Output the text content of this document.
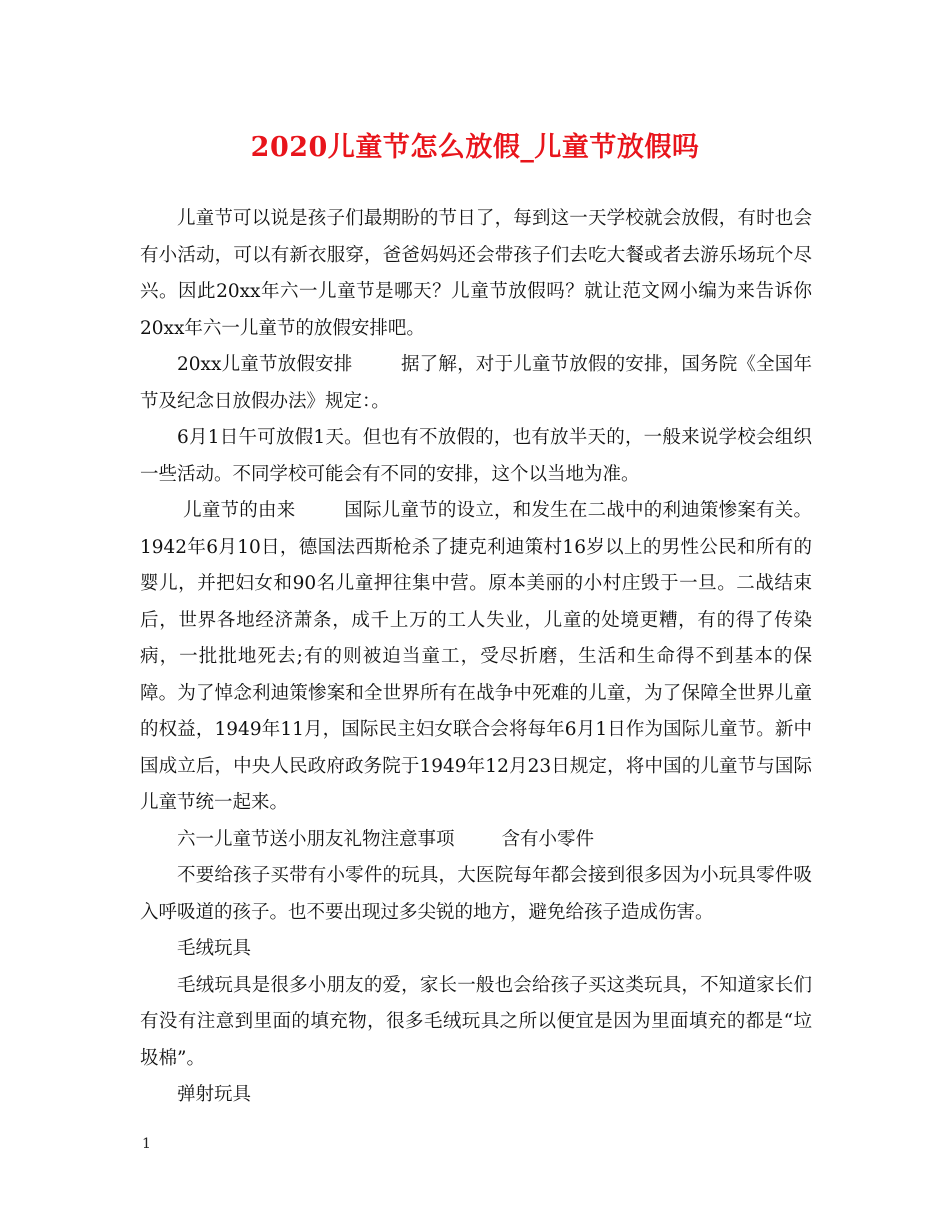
2020儿童节怎么放假_儿童节放假吗

儿童节可以说是孩子们最期盼的节日了，每到这一天学校就会放假，有时也会有小活动，可以有新衣服穿，爸爸妈妈还会带孩子们去吃大餐或者去游乐场玩个尽兴。因此20xx年六一儿童节是哪天？儿童节放假吗？就让范文网小编为来告诉你20xx年六一儿童节的放假安排吧。

20xx儿童节放假安排        据了解，对于儿童节放假的安排，国务院《全国年节及纪念日放假办法》规定：。

6月1日午可放假1天。但也有不放假的，也有放半天的，一般来说学校会组织一些活动。不同学校可能会有不同的安排，这个以当地为准。

儿童节的由来        国际儿童节的设立，和发生在二战中的利迪策惨案有关。1942年6月10日，德国法西斯枪杀了捷克利迪策村16岁以上的男性公民和所有的婴儿，并把妇女和90名儿童押往集中营。原本美丽的小村庄毁于一旦。二战结束后，世界各地经济萧条，成千上万的工人失业，儿童的处境更糟，有的得了传染病，一批批地死去;有的则被迫当童工，受尽折磨，生活和生命得不到基本的保障。为了悼念利迪策惨案和全世界所有在战争中死难的儿童，为了保障全世界儿童的权益，1949年11月，国际民主妇女联合会将每年6月1日作为国际儿童节。新中国成立后，中央人民政府政务院于1949年12月23日规定，将中国的儿童节与国际儿童节统一起来。

六一儿童节送小朋友礼物注意事项        含有小零件

不要给孩子买带有小零件的玩具，大医院每年都会接到很多因为小玩具零件吸入呼吸道的孩子。也不要出现过多尖锐的地方，避免给孩子造成伤害。

毛绒玩具

毛绒玩具是很多小朋友的爱，家长一般也会给孩子买这类玩具，不知道家长们有没有注意到里面的填充物，很多毛绒玩具之所以便宜是因为里面填充的都是“垃圾棉”。

弹射玩具

1
